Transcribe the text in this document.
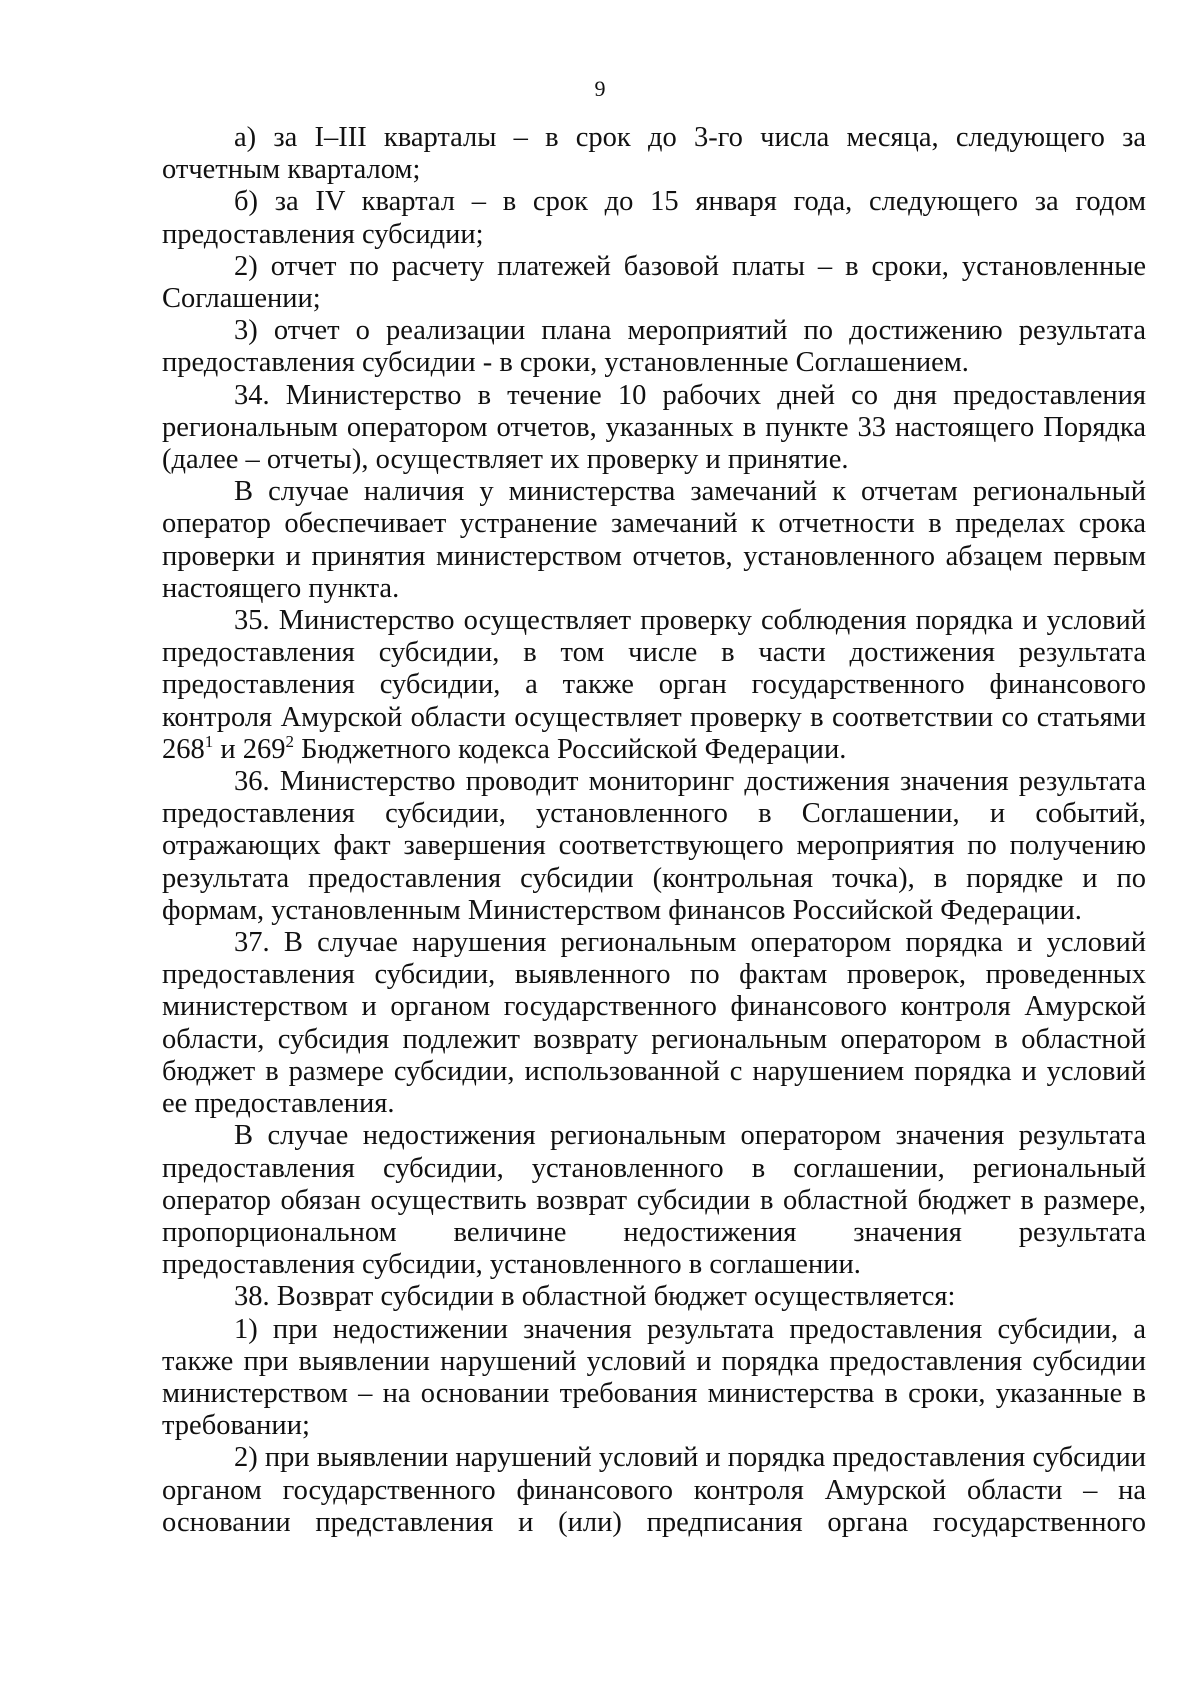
9

а) за I–III кварталы – в срок до 3-го числа месяца, следующего за отчетным кварталом;

б) за IV квартал – в срок до 15 января года, следующего за годом предоставления субсидии;

2) отчет по расчету платежей базовой платы – в сроки, установленные Соглашении;

3) отчет о реализации плана мероприятий по достижению результата предоставления субсидии - в сроки, установленные Соглашением.

34. Министерство в течение 10 рабочих дней со дня предоставления региональным оператором отчетов, указанных в пункте 33 настоящего Порядка (далее – отчеты), осуществляет их проверку и принятие.

В случае наличия у министерства замечаний к отчетам региональный оператор обеспечивает устранение замечаний к отчетности в пределах срока проверки и принятия министерством отчетов, установленного абзацем первым настоящего пункта.

35. Министерство осуществляет проверку соблюдения порядка и условий предоставления субсидии, в том числе в части достижения результата предоставления субсидии, а также орган государственного финансового контроля Амурской области осуществляет проверку в соответствии со статьями $268^1$ и $269^2$ Бюджетного кодекса Российской Федерации.

36. Министерство проводит мониторинг достижения значения результата предоставления субсидии, установленного в Соглашении, и событий, отражающих факт завершения соответствующего мероприятия по получению результата предоставления субсидии (контрольная точка), в порядке и по формам, установленным Министерством финансов Российской Федерации.

37. В случае нарушения региональным оператором порядка и условий предоставления субсидии, выявленного по фактам проверок, проведенных министерством и органом государственного финансового контроля Амурской области, субсидия подлежит возврату региональным оператором в областной бюджет в размере субсидии, использованной с нарушением порядка и условий ее предоставления.

В случае недостижения региональным оператором значения результата предоставления субсидии, установленного в соглашении, региональный оператор обязан осуществить возврат субсидии в областной бюджет в размере, пропорциональном величине недостижения значения результата предоставления субсидии, установленного в соглашении.

38. Возврат субсидии в областной бюджет осуществляется:

1) при недостижении значения результата предоставления субсидии, а также при выявлении нарушений условий и порядка предоставления субсидии министерством – на основании требования министерства в сроки, указанные в требовании;

2) при выявлении нарушений условий и порядка предоставления субсидии органом государственного финансового контроля Амурской области – на основании представления и (или) предписания органа государственного
